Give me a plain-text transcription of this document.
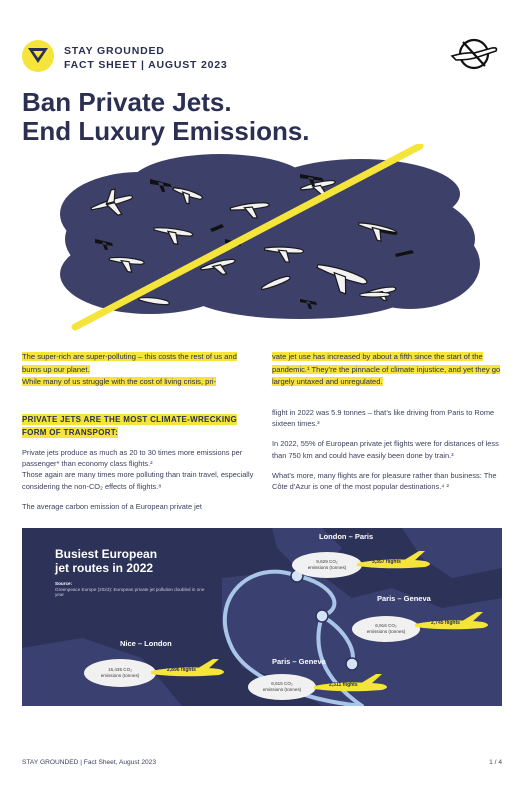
STAY GROUNDED
FACT SHEET | AUGUST 2023
Ban Private Jets.
End Luxury Emissions.
The super-rich are super-polluting – this costs the rest of us and burns up our planet.
While many of us struggle with the cost of living crisis, pri-
vate jet use has increased by about a fifth since the start of the pandemic.¹ They’re the pinnacle of climate injustice, and yet they go largely untaxed and unregulated.
PRIVATE JETS ARE THE MOST CLIMATE-WRECKING
FORM OF TRANSPORT:

Private jets produce as much as 20 to 30 times more emissions per passenger* than economy class flights.²
Those again are many times more polluting than train travel, especially considering the non-CO₂ effects of flights.⁸

The average carbon emission of a European private jet

flight in 2022 was 5.9 tonnes – that’s like driving from Paris to Rome sixteen times.³

In 2022, 55% of European private jet flights were for distances of less than 750 km and could have easily been done by train.³

What’s more, many flights are for pleasure rather than business: The Côte d’Azur is one of the most popular destinations.⁴ ²

Busiest European
jet routes in 2022
Source:
Greenpeace Europe (2023): European private jet pollution doubled in one year
London – Paris
9,629 CO₂
emissions (tonnes)
3,357 flights
Paris – Geneva
6,916 CO₂
emissions (tonnes)
2,745 flights
Nice – London
15,435 CO₂
emissions (tonnes)
2,896 flights
Paris – Geneva
6,615 CO₂
emissions (tonnes)
2,311 flights
STAY GROUNDED | Fact Sheet, August 2023	1 / 4
